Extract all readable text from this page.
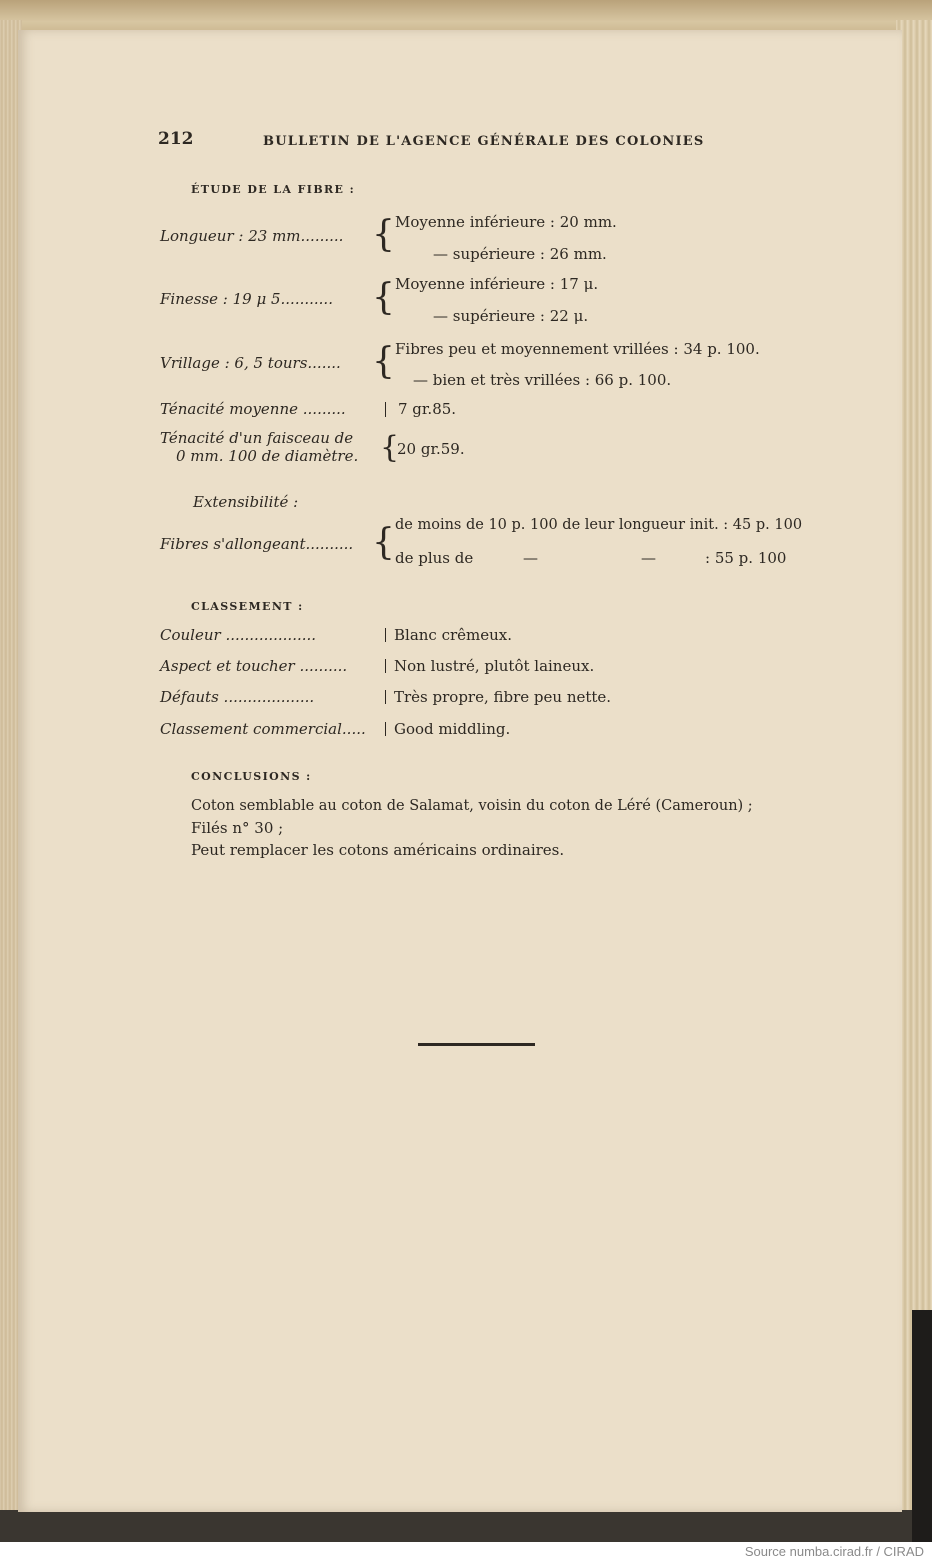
212	BULLETIN DE L'AGENCE GÉNÉRALE DES COLONIES
ÉTUDE DE LA FIBRE :
Longueur : 23 mm......... { Moyenne inférieure : 20 mm.
— supérieure : 26 mm.
Finesse : 19 μ 5........... { Moyenne inférieure : 17 μ.
— supérieure : 22 μ.
Vrillage : 6, 5 tours....... { Fibres peu et moyennement vrillées : 34 p. 100.
— bien et très vrillées : 66 p. 100.
Ténacité moyenne .........	7 gr.85.
Ténacité d'un faisceau de
0 mm. 100 de diamètre. {
20 gr.59.
Extensibilité :
Fibres s'allongeant.......... { de moins de 10 p. 100 de leur longueur init. : 45 p. 100
de plus de	—	—	: 55 p. 100
CLASSEMENT :
Couleur ...................	Blanc crêmeux.
Aspect et toucher ..........	Non lustré, plutôt laineux.
Défauts ...................	Très propre, fibre peu nette.
Classement commercial..... Good middling.
CONCLUSIONS :
Coton semblable au coton de Salamat, voisin du coton de Léré (Cameroun) ;
Filés n° 30 ;
Peut remplacer les cotons américains ordinaires.
Source numba.cirad.fr / CIRAD
